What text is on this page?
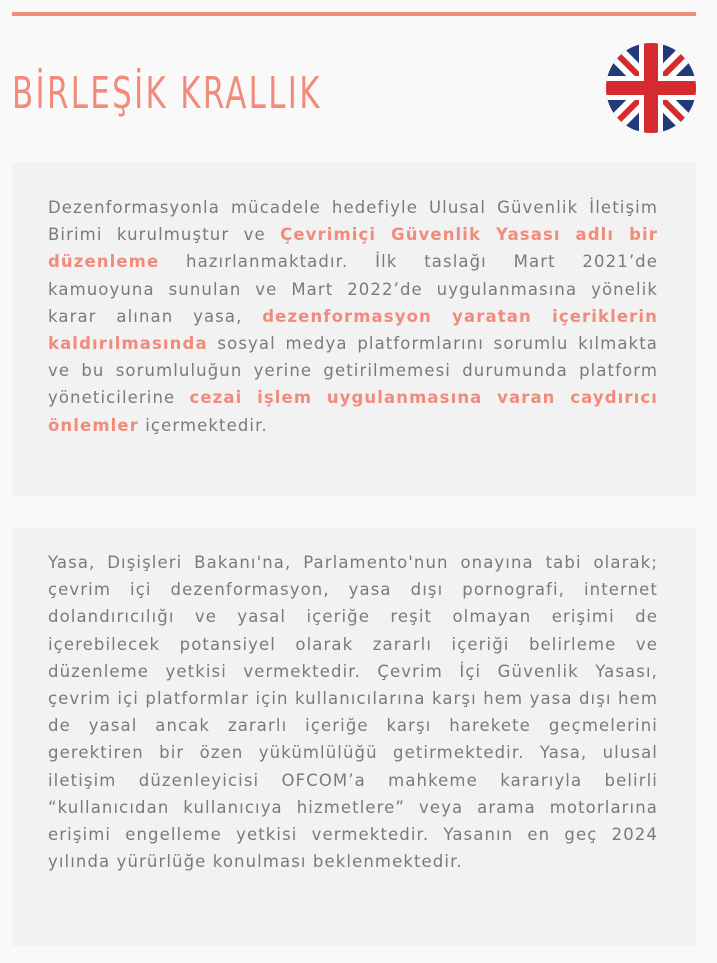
BİRLEŞİK KRALLIK

Dezenformasyonla mücadele hedefiyle Ulusal Güvenlik İletişim Birimi kurulmuştur ve Çevrimiçi Güvenlik Yasası adlı bir düzenleme hazırlanmaktadır. İlk taslağı Mart 2021’de kamuoyuna sunulan ve Mart 2022’de uygulanmasına yönelik karar alınan yasa, dezenformasyon yaratan içeriklerin kaldırılmasında sosyal medya platformlarını sorumlu kılmakta ve bu sorumluluğun yerine getirilmemesi durumunda platform yöneticilerine cezai işlem uygulanmasına varan caydırıcı önlemler içermektedir.

Yasa, Dışişleri Bakanı'na, Parlamento'nun onayına tabi olarak; çevrim içi dezenformasyon, yasa dışı pornografi, internet dolandırıcılığı ve yasal içeriğe reşit olmayan erişimi de içerebilecek potansiyel olarak zararlı içeriği belirleme ve düzenleme yetkisi vermektedir. Çevrim İçi Güvenlik Yasası, çevrim içi platformlar için kullanıcılarına karşı hem yasa dışı hem de yasal ancak zararlı içeriğe karşı harekete geçmelerini gerektiren bir özen yükümlülüğü getirmektedir. Yasa, ulusal iletişim düzenleyicisi OFCOM’a mahkeme kararıyla belirli “kullanıcıdan kullanıcıya hizmetlere” veya arama motorlarına erişimi engelleme yetkisi vermektedir. Yasanın en geç 2024 yılında yürürlüğe konulması beklenmektedir.
